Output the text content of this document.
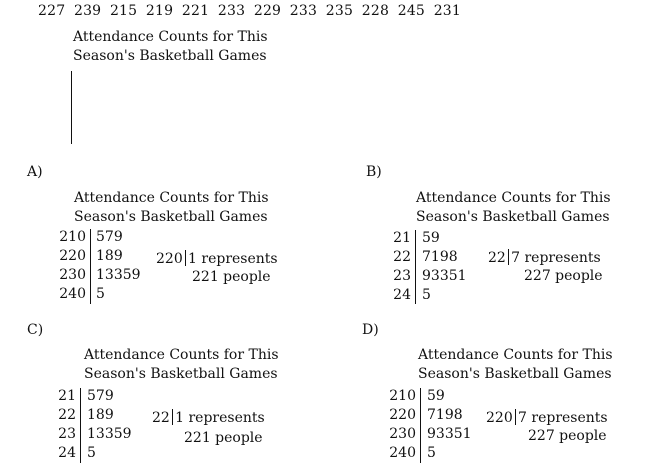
227 239 215 219 221 233 229 233 235 228 245 231
Attendance Counts for This
Season's Basketball Games
A)
Attendance Counts for This
Season's Basketball Games
210
220
230
240
579
189
13359
5
220 1 represents
221 people
B)
Attendance Counts for This
Season's Basketball Games
21
22
23
24
59
7198
93351
5
22 7 represents
227 people
C)
Attendance Counts for This
Season's Basketball Games
21
22
23
24
579
189
13359
5
22 1 represents
221 people
D)
Attendance Counts for This
Season's Basketball Games
210
220
230
240
59
7198
93351
5
220 7 represents
227 people
